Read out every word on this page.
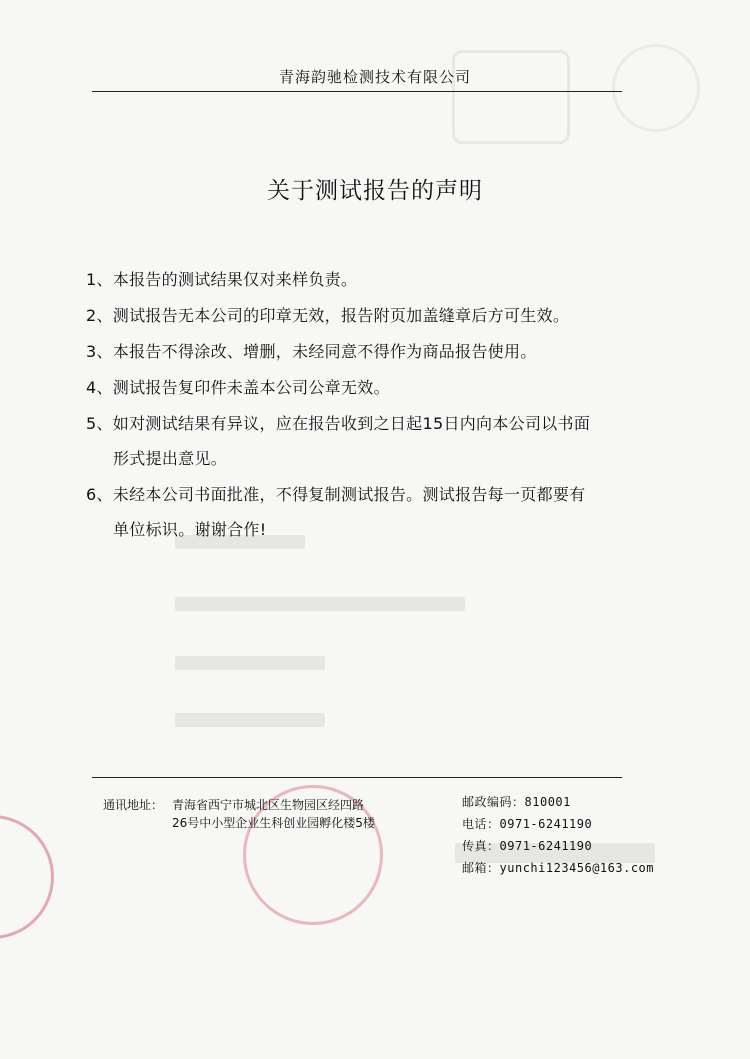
青海韵驰检测技术有限公司
关于测试报告的声明
1、本报告的测试结果仅对来样负责。
2、测试报告无本公司的印章无效，报告附页加盖缝章后方可生效。
3、本报告不得涂改、增删，未经同意不得作为商品报告使用。
4、测试报告复印件未盖本公司公章无效。
5、如对测试结果有异议，应在报告收到之日起15日内向本公司以书面
形式提出意见。
6、未经本公司书面批准，不得复制测试报告。测试报告每一页都要有
单位标识。谢谢合作!
通讯地址： 青海省西宁市城北区生物园区经四路
26号中小型企业生科创业园孵化楼5楼
邮政编码：810001
电话：0971-6241190
传真：0971-6241190
邮箱：yunchi123456@163.com
